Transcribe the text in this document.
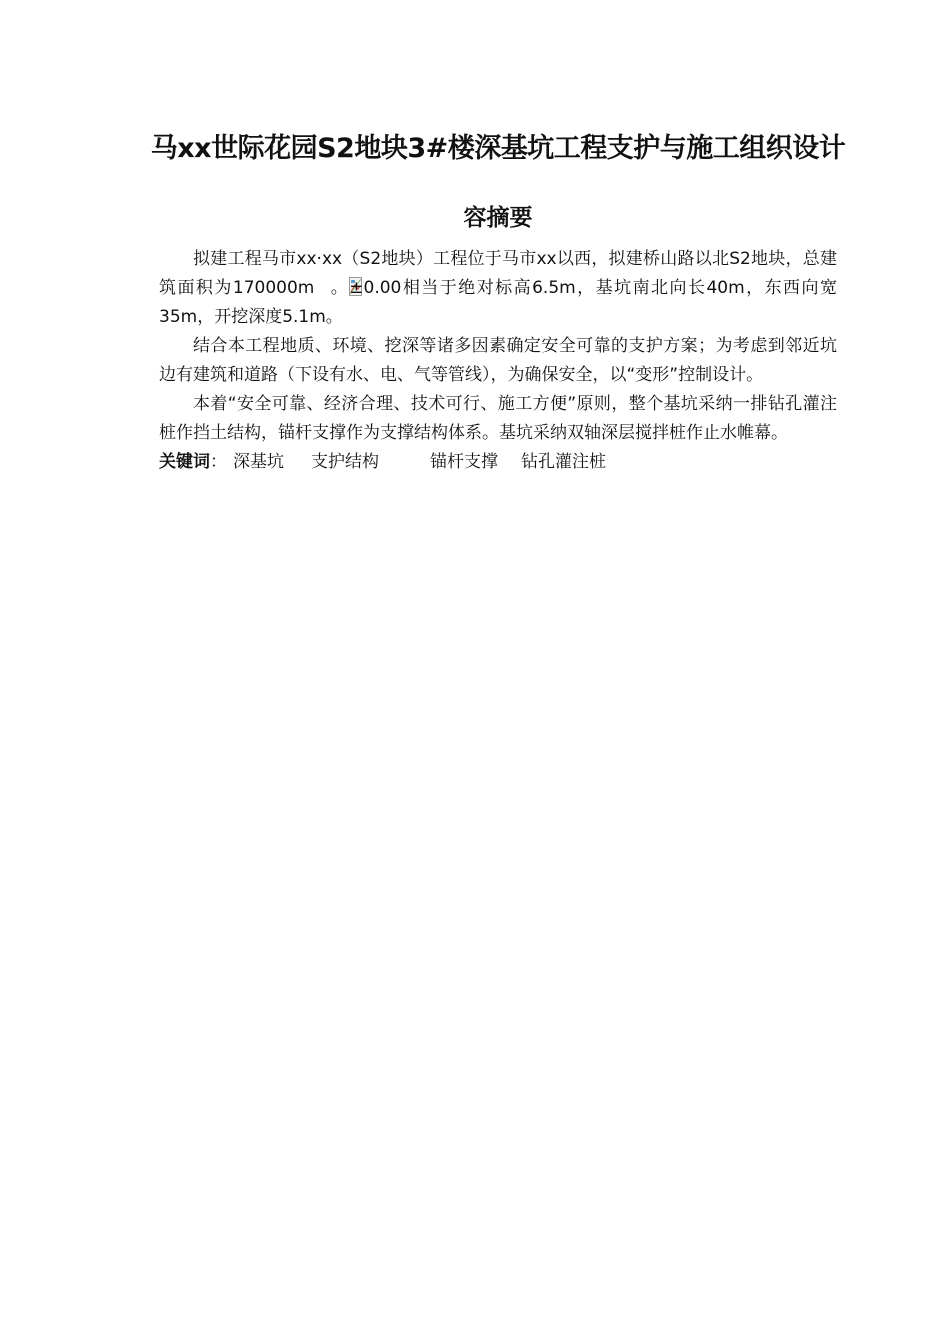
马xx世际花园S2地块3#楼深基坑工程支护与施工组织设计
容摘要

拟建工程马市xx·xx（S2地块）工程位于马市xx以西，拟建桥山路以北S2地块，总建筑面积为170000m 。±0.00相当于绝对标高6.5m，基坑南北向长40m，东西向宽35m，开挖深度5.1m。

结合本工程地质、环境、挖深等诸多因素确定安全可靠的支护方案；为考虑到邻近坑边有建筑和道路（下设有水、电、气等管线），为确保安全，以“变形”控制设计。

本着“安全可靠、经济合理、技术可行、施工方便”原则，整个基坑采纳一排钻孔灌注桩作挡土结构，锚杆支撑作为支撑结构体系。基坑采纳双轴深层搅拌桩作止水帷幕。

关键词： 深基坑 支护结构	锚杆支撑 钻孔灌注桩
